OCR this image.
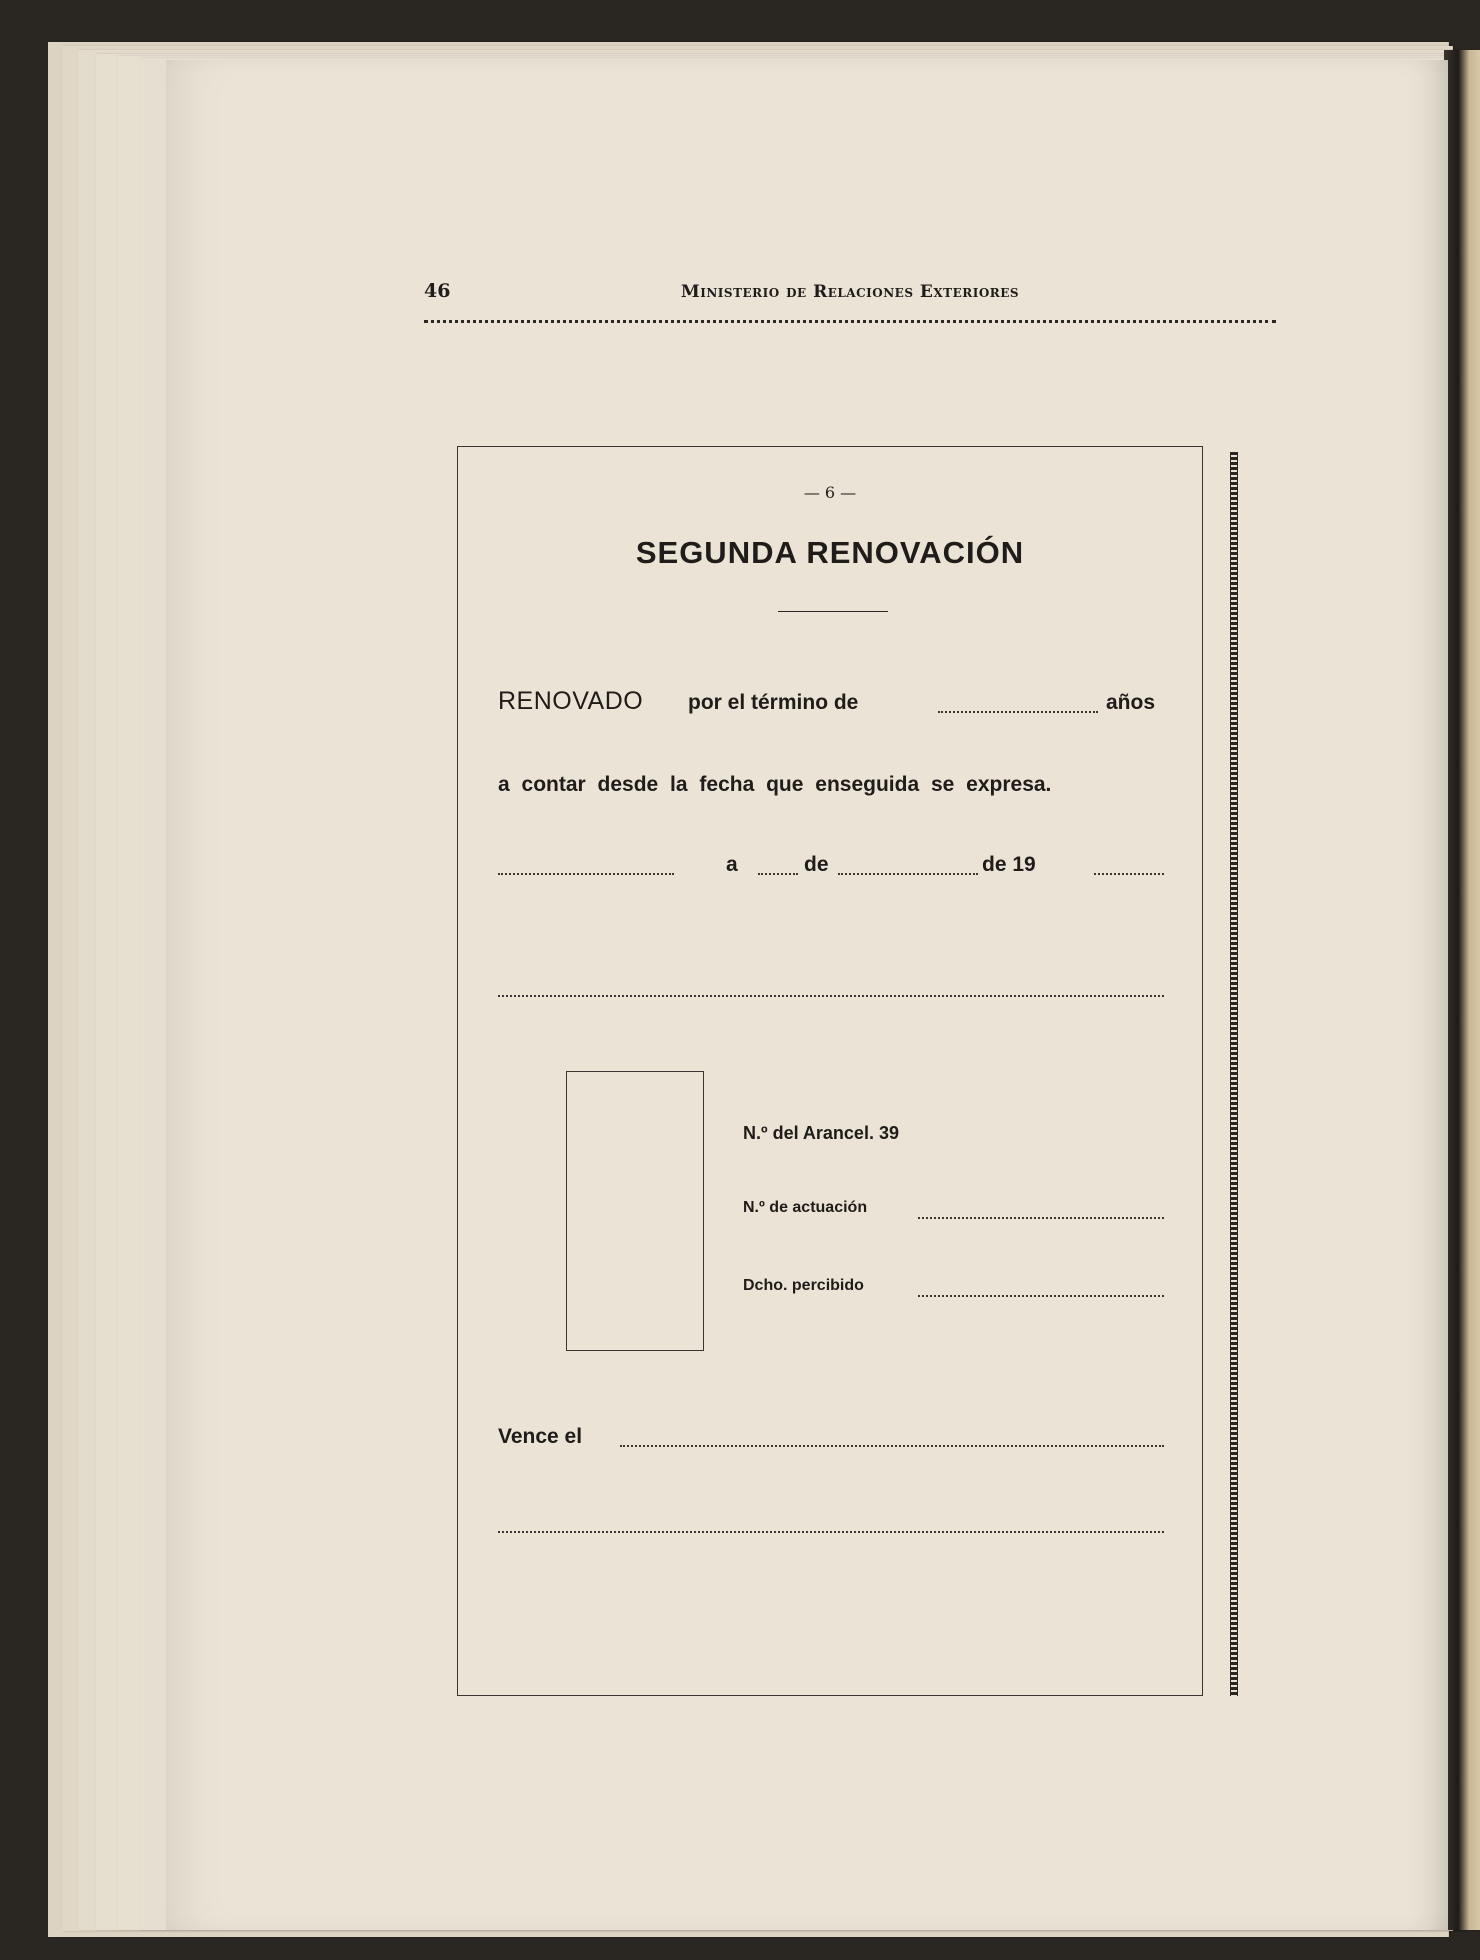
46	Ministerio de Relaciones Exteriores
— 6 —
SEGUNDA RENOVACIÓN
RENOVADO por el término de	años
a contar desde la fecha que enseguida se expresa.
a	de	de 19
N.º del Arancel. 39
N.º de actuación
Dcho. percibido
Vence el
